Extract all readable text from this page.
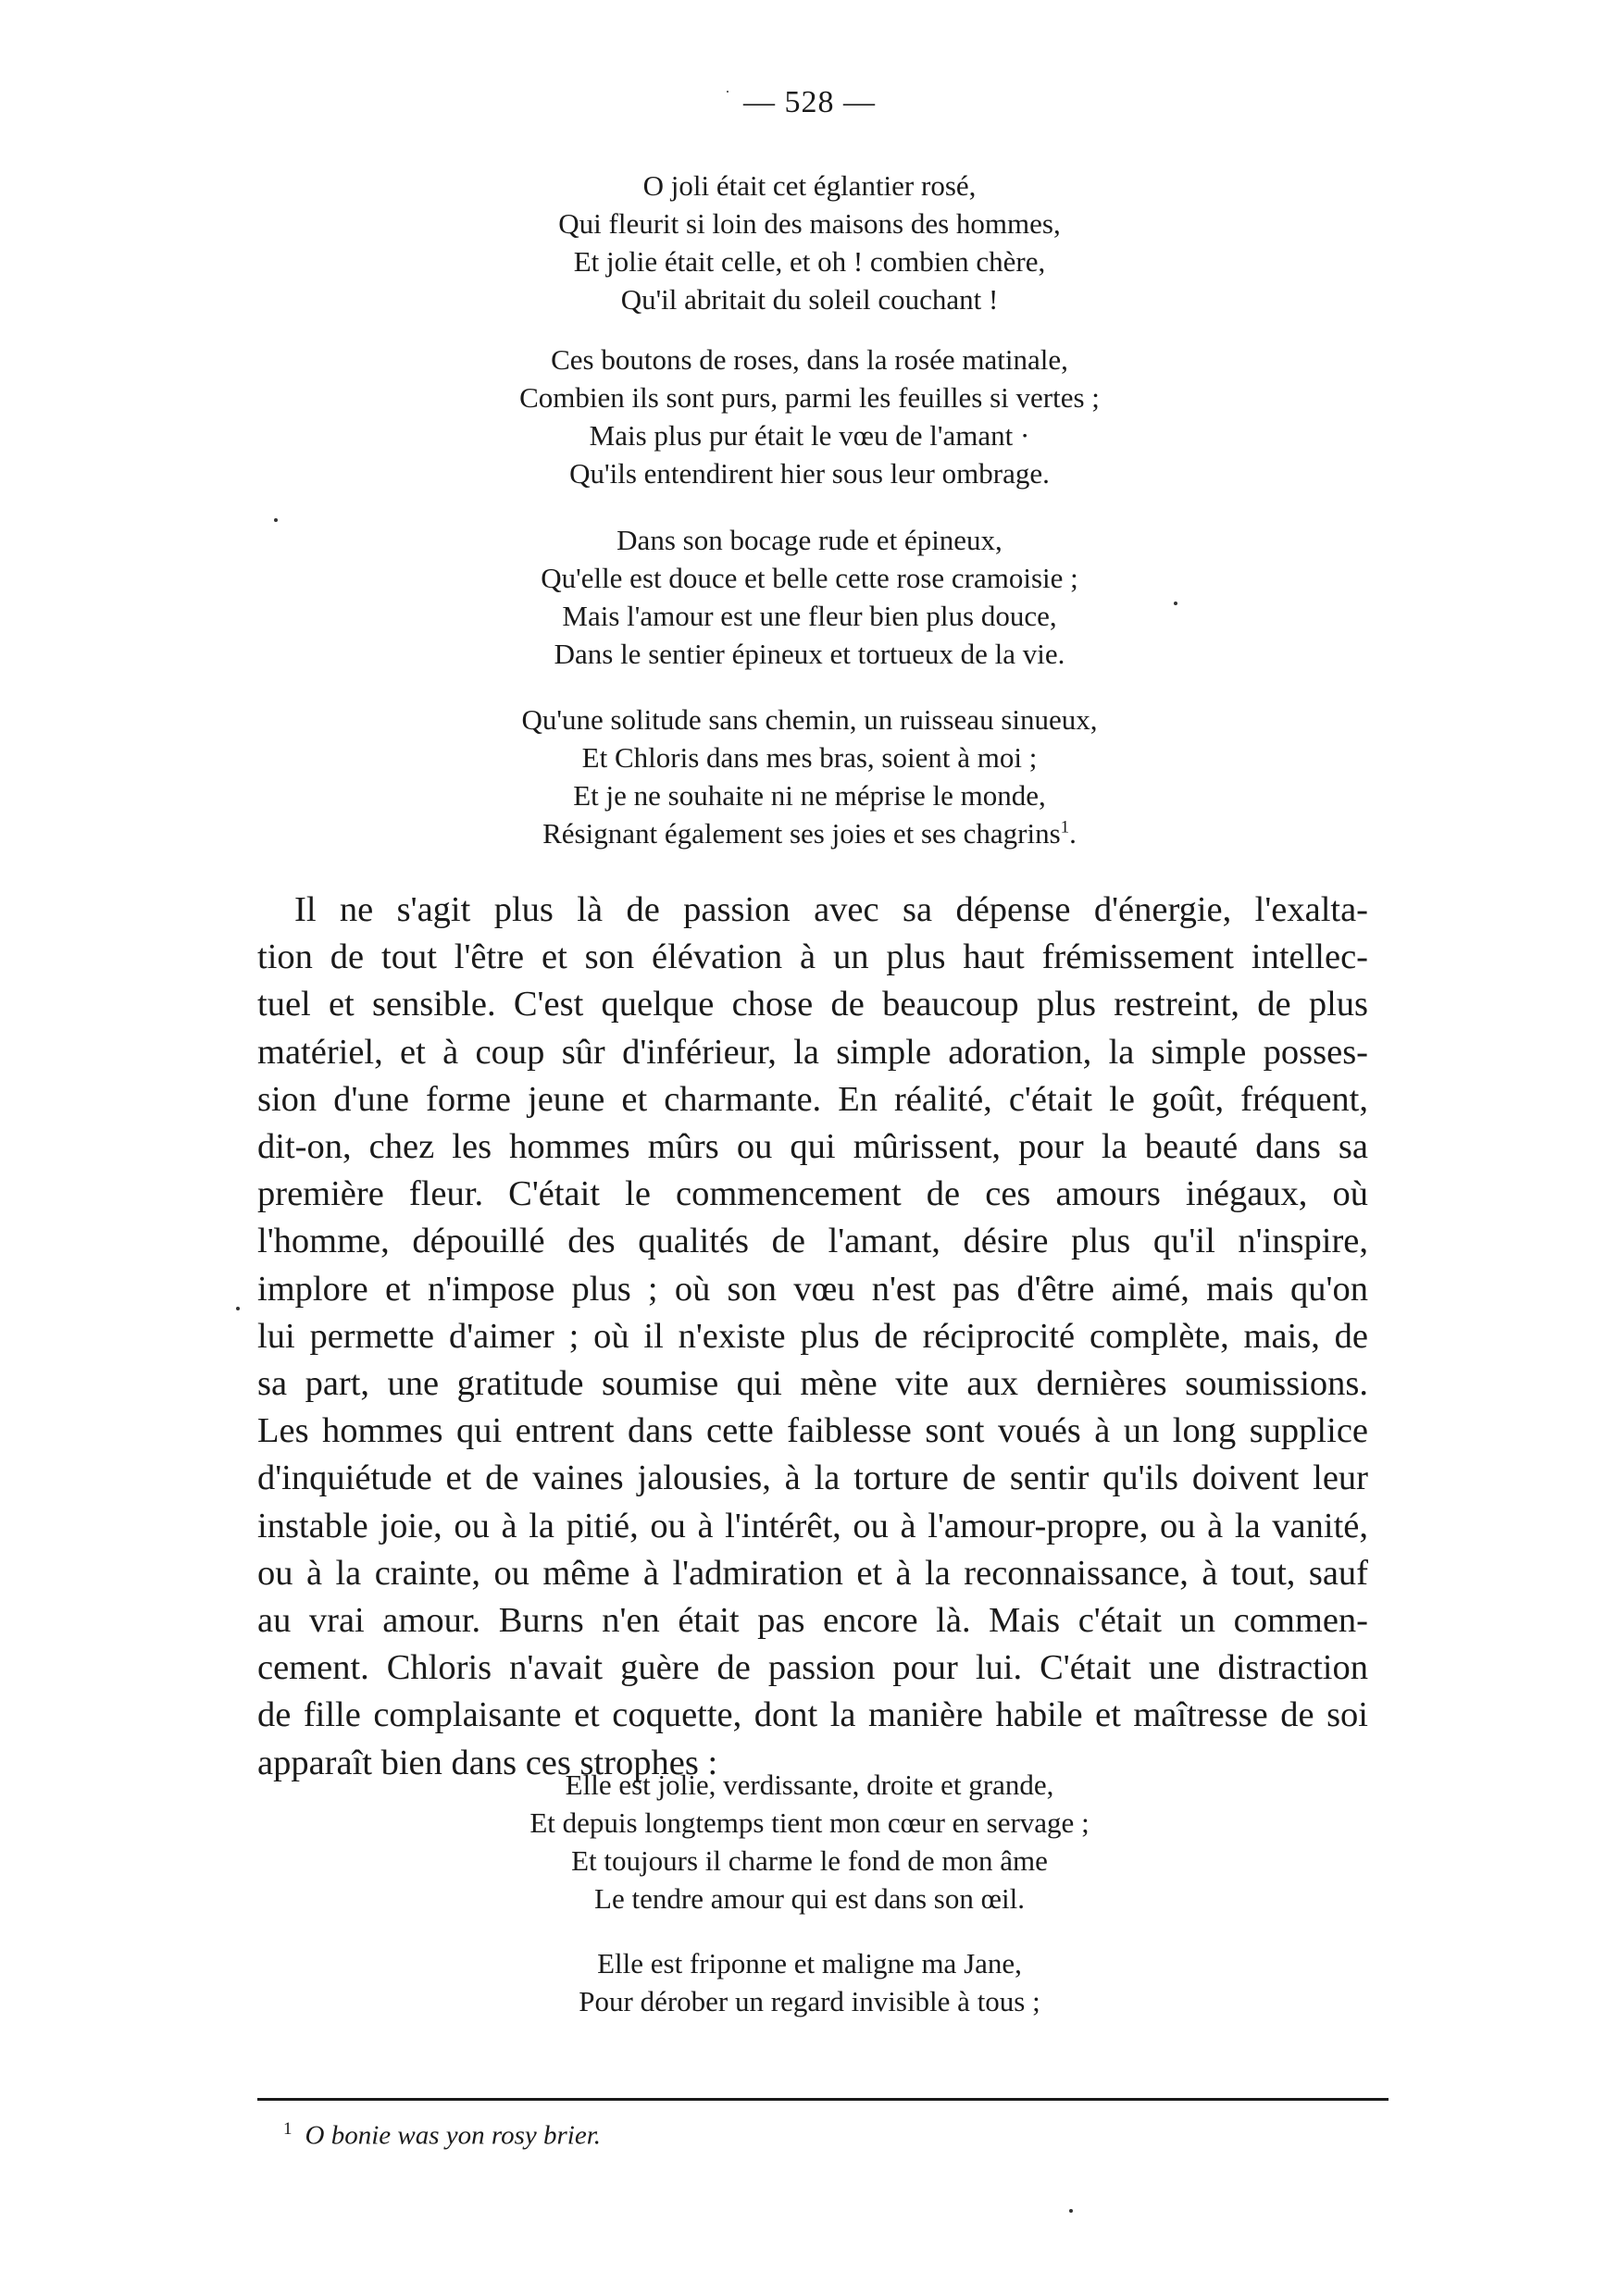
— 528 —
O joli était cet églantier rosé,
Qui fleurit si loin des maisons des hommes,
Et jolie était celle, et oh ! combien chère,
Qu'il abritait du soleil couchant !
Ces boutons de roses, dans la rosée matinale,
Combien ils sont purs, parmi les feuilles si vertes ;
Mais plus pur était le vœu de l'amant ·
Qu'ils entendirent hier sous leur ombrage.
Dans son bocage rude et épineux,
Qu'elle est douce et belle cette rose cramoisie ;
Mais l'amour est une fleur bien plus douce,
Dans le sentier épineux et tortueux de la vie.
Qu'une solitude sans chemin, un ruisseau sinueux,
Et Chloris dans mes bras, soient à moi ;
Et je ne souhaite ni ne méprise le monde,
Résignant également ses joies et ses chagrins$^1$.
Il ne s'agit plus là de passion avec sa dépense d'énergie, l'exalta-
tion de tout l'être et son élévation à un plus haut frémissement intellec-
tuel et sensible. C'est quelque chose de beaucoup plus restreint, de plus
matériel, et à coup sûr d'inférieur, la simple adoration, la simple posses-
sion d'une forme jeune et charmante. En réalité, c'était le goût, fréquent,
dit-on, chez les hommes mûrs ou qui mûrissent, pour la beauté dans sa
première fleur. C'était le commencement de ces amours inégaux, où
l'homme, dépouillé des qualités de l'amant, désire plus qu'il n'inspire,
implore et n'impose plus ; où son vœu n'est pas d'être aimé, mais qu'on
lui permette d'aimer ; où il n'existe plus de réciprocité complète, mais, de
sa part, une gratitude soumise qui mène vite aux dernières soumissions.
Les hommes qui entrent dans cette faiblesse sont voués à un long supplice
d'inquiétude et de vaines jalousies, à la torture de sentir qu'ils doivent leur
instable joie, ou à la pitié, ou à l'intérêt, ou à l'amour-propre, ou à la vanité,
ou à la crainte, ou même à l'admiration et à la reconnaissance, à tout, sauf
au vrai amour. Burns n'en était pas encore là. Mais c'était un commen-
cement. Chloris n'avait guère de passion pour lui. C'était une distraction
de fille complaisante et coquette, dont la manière habile et maîtresse de soi
apparaît bien dans ces strophes :
Elle est jolie, verdissante, droite et grande,
Et depuis longtemps tient mon cœur en servage ;
Et toujours il charme le fond de mon âme
Le tendre amour qui est dans son œil.
Elle est friponne et maligne ma Jane,
Pour dérober un regard invisible à tous ;
$^1$ O bonie was yon rosy brier.
